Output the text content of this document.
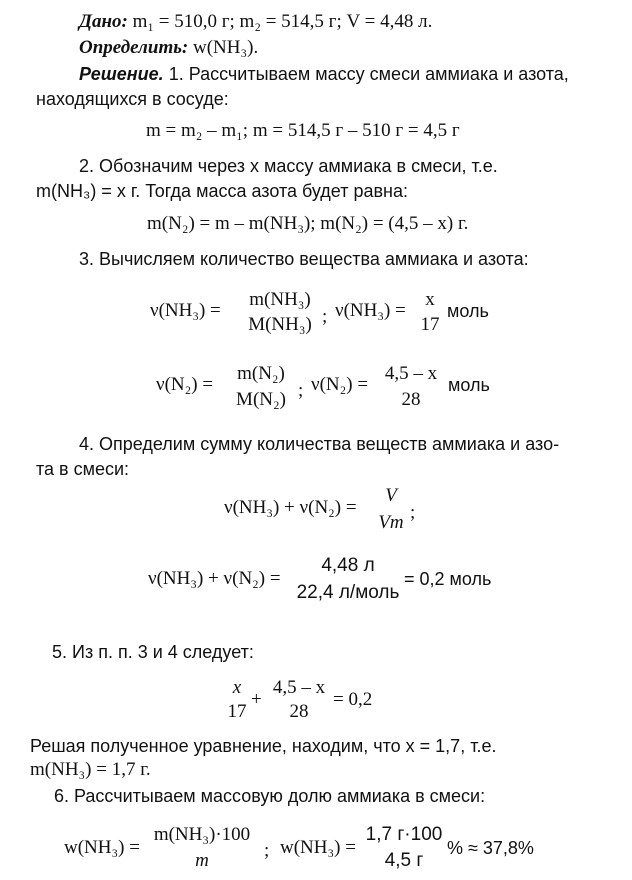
Дано: m₁ = 510,0 г; m₂ = 514,5 г; V = 4,48 л.
Определить: w(NH₃).
Решение. 1. Рассчитываем массу смеси аммиака и азота,
находящихся в сосуде:
m = m₂ – m₁; m = 514,5 г – 510 г = 4,5 г
2. Обозначим через x массу аммиака в смеси, т.е.
m(NH₃) = x г. Тогда масса азота будет равна:
m(N₂) = m – m(NH₃); m(N₂) = (4,5 – x) г.
3. Вычисляем количество вещества аммиака и азота:
ν(NH₃) =
m(NH₃)
M(NH₃) ; ν(NH₃) =
x
17
моль
ν(N₂) =
m(N₂)
M(N₂) ; ν(N₂) =
4,5 – x
28
моль
4. Определим сумму количества веществ аммиака и азо-
та в смеси:
ν(NH₃) + ν(N₂) =
V
Vm ;
ν(NH₃) + ν(N₂) =
4,48 л
22,4 л/моль
= 0,2 моль
5. Из п. п. 3 и 4 следует:
x
17
+
4,5 – x
28
= 0,2
Решая полученное уравнение, находим, что x = 1,7, т.е.
m(NH₃) = 1,7 г.
6. Рассчитываем массовую долю аммиака в смеси:
w(NH₃) =
m(NH₃)·100
m	; w(NH₃) =
1,7 г·100
4,5 г
% ≈ 37,8%
